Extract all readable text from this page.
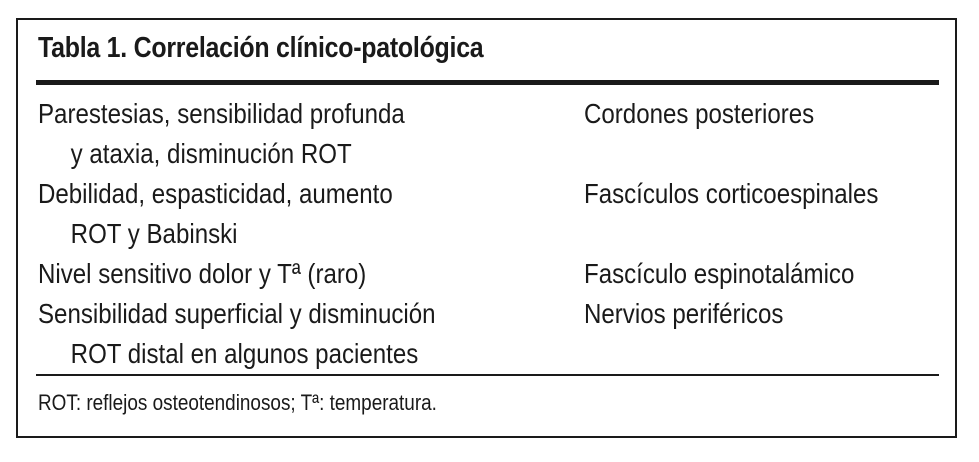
Tabla 1. Correlación clínico-patológica
Parestesias, sensibilidad profunda
y ataxia, disminución ROT
Cordones posteriores
Debilidad, espasticidad, aumento
ROT y Babinski
Fascículos corticoespinales
Nivel sensitivo dolor y Tª (raro)	Fascículo espinotalámico
Sensibilidad superficial y disminución
ROT distal en algunos pacientes
Nervios periféricos
ROT: reflejos osteotendinosos; Tª: temperatura.
